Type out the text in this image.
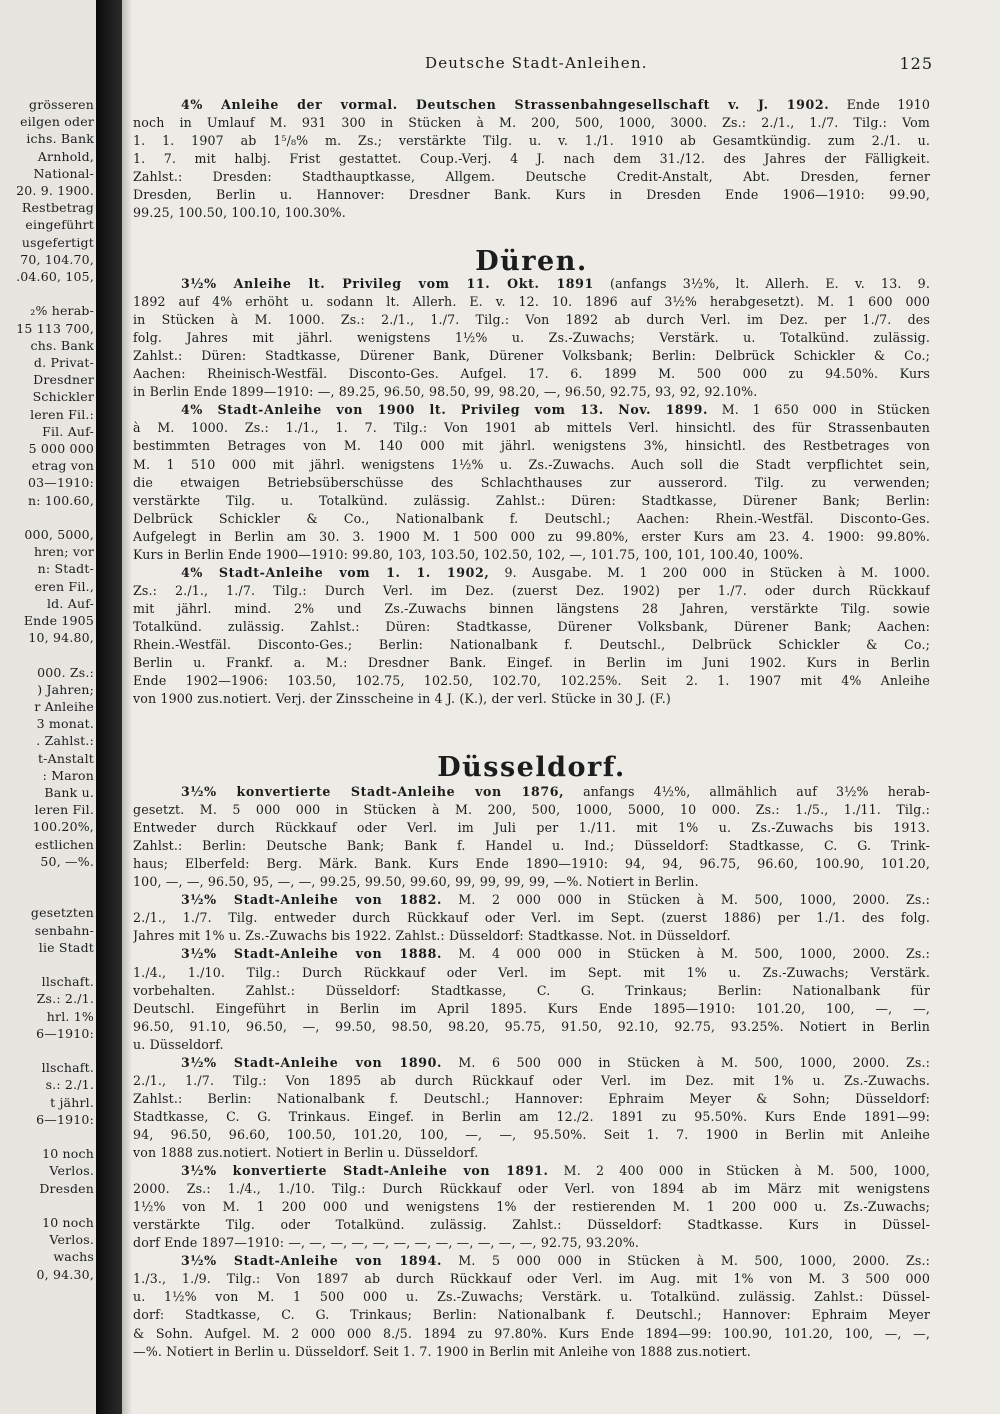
grösseren
eilgen oder
ichs. Bank
Arnhold,
National-
20. 9. 1900.
Restbetrag
eingeführt
usgefertigt
70, 104.70,
.04.60, 105,
₂% herab-
15 113 700,
chs. Bank
d. Privat-
Dresdner
Schickler
leren Fil.:
Fil. Auf-
5 000 000
etrag von
03—1910:
n: 100.60,
000, 5000,
hren; vor
n: Stadt-
eren Fil.,
ld. Auf-
Ende 1905
10, 94.80,
000. Zs.:
) Jahren;
r Anleihe
3 monat.
. Zahlst.:
t-Anstalt
: Maron
Bank u.
leren Fil.
100.20%,
estlichen
50, —%.
gesetzten
senbahn-
lie Stadt
llschaft.
Zs.: 2./1.
hrl. 1%
6—1910:
llschaft.
s.: 2./1.
t jährl.
6—1910:
10 noch
Verlos.
Dresden
10 noch
Verlos.
wachs
0, 94.30,
Deutsche Stadt-Anleihen.	125
4% Anleihe der vormal. Deutschen Strassenbahngesellschaft v. J. 1902. Ende 1910
noch in Umlauf M. 931 300 in Stücken à M. 200, 500, 1000, 3000. Zs.: 2./1., 1./7. Tilg.: Vom
1. 1. 1907 ab 1⁵/₈% m. Zs.; verstärkte Tilg. u. v. 1./1. 1910 ab Gesamtkündig. zum 2./1. u.
1. 7. mit halbj. Frist gestattet. Coup.-Verj. 4 J. nach dem 31./12. des Jahres der Fälligkeit.
Zahlst.: Dresden: Stadthauptkasse, Allgem. Deutsche Credit-Anstalt, Abt. Dresden, ferner
Dresden, Berlin u. Hannover: Dresdner Bank. Kurs in Dresden Ende 1906—1910: 99.90,
99.25, 100.50, 100.10, 100.30%.
Düren.
3½% Anleihe lt. Privileg vom 11. Okt. 1891 (anfangs 3½%, lt. Allerh. E. v. 13. 9.
1892 auf 4% erhöht u. sodann lt. Allerh. E. v. 12. 10. 1896 auf 3½% herabgesetzt). M. 1 600 000
in Stücken à M. 1000. Zs.: 2./1., 1./7. Tilg.: Von 1892 ab durch Verl. im Dez. per 1./7. des
folg. Jahres mit jährl. wenigstens 1½% u. Zs.-Zuwachs; Verstärk. u. Totalkünd. zulässig.
Zahlst.: Düren: Stadtkasse, Dürener Bank, Dürener Volksbank; Berlin: Delbrück Schickler & Co.;
Aachen: Rheinisch-Westfäl. Disconto-Ges. Aufgel. 17. 6. 1899 M. 500 000 zu 94.50%. Kurs
in Berlin Ende 1899—1910: —, 89.25, 96.50, 98.50, 99, 98.20, —, 96.50, 92.75, 93, 92, 92.10%.
4% Stadt-Anleihe von 1900 lt. Privileg vom 13. Nov. 1899. M. 1 650 000 in Stücken
à M. 1000. Zs.: 1./1., 1. 7. Tilg.: Von 1901 ab mittels Verl. hinsichtl. des für Strassenbauten
bestimmten Betrages von M. 140 000 mit jährl. wenigstens 3%, hinsichtl. des Restbetrages von
M. 1 510 000 mit jährl. wenigstens 1½% u. Zs.-Zuwachs. Auch soll die Stadt verpflichtet sein,
die etwaigen Betriebsüberschüsse des Schlachthauses zur ausserord. Tilg. zu verwenden;
verstärkte Tilg. u. Totalkünd. zulässig. Zahlst.: Düren: Stadtkasse, Dürener Bank; Berlin:
Delbrück Schickler & Co., Nationalbank f. Deutschl.; Aachen: Rhein.-Westfäl. Disconto-Ges.
Aufgelegt in Berlin am 30. 3. 1900 M. 1 500 000 zu 99.80%, erster Kurs am 23. 4. 1900: 99.80%.
Kurs in Berlin Ende 1900—1910: 99.80, 103, 103.50, 102.50, 102, —, 101.75, 100, 101, 100.40, 100%.
4% Stadt-Anleihe vom 1. 1. 1902, 9. Ausgabe. M. 1 200 000 in Stücken à M. 1000.
Zs.: 2./1., 1./7. Tilg.: Durch Verl. im Dez. (zuerst Dez. 1902) per 1./7. oder durch Rückkauf
mit jährl. mind. 2% und Zs.-Zuwachs binnen längstens 28 Jahren, verstärkte Tilg. sowie
Totalkünd. zulässig. Zahlst.: Düren: Stadtkasse, Dürener Volksbank, Dürener Bank; Aachen:
Rhein.-Westfäl. Disconto-Ges.; Berlin: Nationalbank f. Deutschl., Delbrück Schickler & Co.;
Berlin u. Frankf. a. M.: Dresdner Bank. Eingef. in Berlin im Juni 1902. Kurs in Berlin
Ende 1902—1906: 103.50, 102.75, 102.50, 102.70, 102.25%. Seit 2. 1. 1907 mit 4% Anleihe
von 1900 zus.notiert. Verj. der Zinsscheine in 4 J. (K.), der verl. Stücke in 30 J. (F.)
Düsseldorf.
3½% konvertierte Stadt-Anleihe von 1876, anfangs 4½%, allmählich auf 3½% herab-
gesetzt. M. 5 000 000 in Stücken à M. 200, 500, 1000, 5000, 10 000. Zs.: 1./5., 1./11. Tilg.:
Entweder durch Rückkauf oder Verl. im Juli per 1./11. mit 1% u. Zs.-Zuwachs bis 1913.
Zahlst.: Berlin: Deutsche Bank; Bank f. Handel u. Ind.; Düsseldorf: Stadtkasse, C. G. Trink-
haus; Elberfeld: Berg. Märk. Bank. Kurs Ende 1890—1910: 94, 94, 96.75, 96.60, 100.90, 101.20,
100, —, —, 96.50, 95, —, —, 99.25, 99.50, 99.60, 99, 99, 99, 99, —%. Notiert in Berlin.
3½% Stadt-Anleihe von 1882. M. 2 000 000 in Stücken à M. 500, 1000, 2000. Zs.:
2./1., 1./7. Tilg. entweder durch Rückkauf oder Verl. im Sept. (zuerst 1886) per 1./1. des folg.
Jahres mit 1% u. Zs.-Zuwachs bis 1922. Zahlst.: Düsseldorf: Stadtkasse. Not. in Düsseldorf.
3½% Stadt-Anleihe von 1888. M. 4 000 000 in Stücken à M. 500, 1000, 2000. Zs.:
1./4., 1./10. Tilg.: Durch Rückkauf oder Verl. im Sept. mit 1% u. Zs.-Zuwachs; Verstärk.
vorbehalten. Zahlst.: Düsseldorf: Stadtkasse, C. G. Trinkaus; Berlin: Nationalbank für
Deutschl. Eingeführt in Berlin im April 1895. Kurs Ende 1895—1910: 101.20, 100, —, —,
96.50, 91.10, 96.50, —, 99.50, 98.50, 98.20, 95.75, 91.50, 92.10, 92.75, 93.25%. Notiert in Berlin
u. Düsseldorf.
3½% Stadt-Anleihe von 1890. M. 6 500 000 in Stücken à M. 500, 1000, 2000. Zs.:
2./1., 1./7. Tilg.: Von 1895 ab durch Rückkauf oder Verl. im Dez. mit 1% u. Zs.-Zuwachs.
Zahlst.: Berlin: Nationalbank f. Deutschl.; Hannover: Ephraim Meyer & Sohn; Düsseldorf:
Stadtkasse, C. G. Trinkaus. Eingef. in Berlin am 12./2. 1891 zu 95.50%. Kurs Ende 1891—99:
94, 96.50, 96.60, 100.50, 101.20, 100, —, —, 95.50%. Seit 1. 7. 1900 in Berlin mit Anleihe
von 1888 zus.notiert. Notiert in Berlin u. Düsseldorf.
3½% konvertierte Stadt-Anleihe von 1891. M. 2 400 000 in Stücken à M. 500, 1000,
2000. Zs.: 1./4., 1./10. Tilg.: Durch Rückkauf oder Verl. von 1894 ab im März mit wenigstens
1½% von M. 1 200 000 und wenigstens 1% der restierenden M. 1 200 000 u. Zs.-Zuwachs;
verstärkte Tilg. oder Totalkünd. zulässig. Zahlst.: Düsseldorf: Stadtkasse. Kurs in Düssel-
dorf Ende 1897—1910: —, —, —, —, —, —, —, —, —, —, —, —, 92.75, 93.20%.
3½% Stadt-Anleihe von 1894. M. 5 000 000 in Stücken à M. 500, 1000, 2000. Zs.:
1./3., 1./9. Tilg.: Von 1897 ab durch Rückkauf oder Verl. im Aug. mit 1% von M. 3 500 000
u. 1½% von M. 1 500 000 u. Zs.-Zuwachs; Verstärk. u. Totalkünd. zulässig. Zahlst.: Düssel-
dorf: Stadtkasse, C. G. Trinkaus; Berlin: Nationalbank f. Deutschl.; Hannover: Ephraim Meyer
& Sohn. Aufgel. M. 2 000 000 8./5. 1894 zu 97.80%. Kurs Ende 1894—99: 100.90, 101.20, 100, —, —,
—%. Notiert in Berlin u. Düsseldorf. Seit 1. 7. 1900 in Berlin mit Anleihe von 1888 zus.notiert.
